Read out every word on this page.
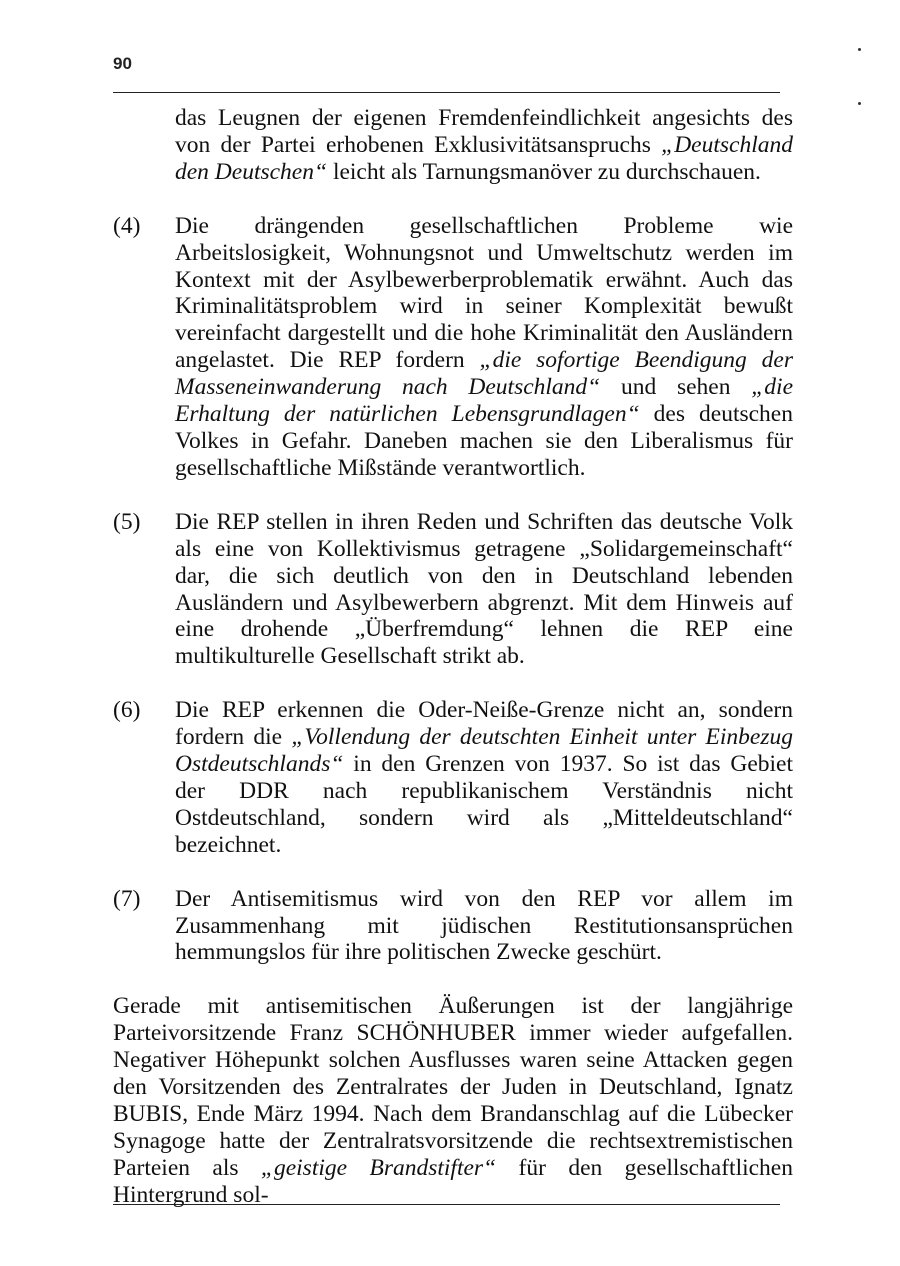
90
das Leugnen der eigenen Fremdenfeindlichkeit angesichts des von der Partei erhobenen Exklusivitätsanspruchs „Deutschland den Deutschen“ leicht als Tarnungsmanöver zu durchschauen.
(4)	Die drängenden gesellschaftlichen Probleme wie Arbeitslosigkeit, Wohnungsnot und Umweltschutz werden im Kontext mit der Asylbewerberproblematik erwähnt. Auch das Kriminalitätsproblem wird in seiner Komplexität bewußt vereinfacht dargestellt und die hohe Kriminalität den Ausländern angelastet. Die REP fordern „die sofortige Beendigung der Masseneinwanderung nach Deutschland“ und sehen „die Erhaltung der natürlichen Lebensgrundlagen“ des deutschen Volkes in Gefahr. Daneben machen sie den Liberalismus für gesellschaftliche Mißstände verantwortlich.
(5)	Die REP stellen in ihren Reden und Schriften das deutsche Volk als eine von Kollektivismus getragene „Solidargemeinschaft“ dar, die sich deutlich von den in Deutschland lebenden Ausländern und Asylbewerbern abgrenzt. Mit dem Hinweis auf eine drohende „Überfremdung“ lehnen die REP eine multikulturelle Gesellschaft strikt ab.
(6)	Die REP erkennen die Oder-Neiße-Grenze nicht an, sondern fordern die „Vollendung der deutschten Einheit unter Einbezug Ostdeutschlands“ in den Grenzen von 1937. So ist das Gebiet der DDR nach republikanischem Verständnis nicht Ostdeutschland, sondern wird als „Mitteldeutschland“ bezeichnet.
(7)	Der Antisemitismus wird von den REP vor allem im Zusammenhang mit jüdischen Restitutionsansprüchen hemmungslos für ihre politischen Zwecke geschürt.
Gerade mit antisemitischen Äußerungen ist der langjährige Parteivorsitzende Franz SCHÖNHUBER immer wieder aufgefallen. Negativer Höhepunkt solchen Ausflusses waren seine Attacken gegen den Vorsitzenden des Zentralrates der Juden in Deutschland, Ignatz BUBIS, Ende März 1994. Nach dem Brandanschlag auf die Lübecker Synagoge hatte der Zentralratsvorsitzende die rechtsextremistischen Parteien als „geistige Brandstifter“ für den gesellschaftlichen Hintergrund sol-
